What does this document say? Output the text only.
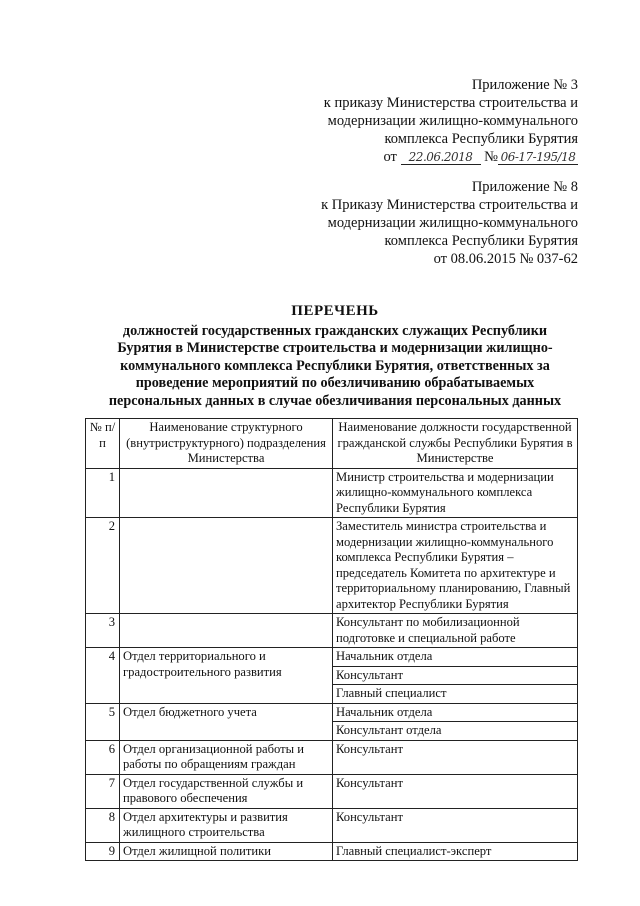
Приложение № 3
к приказу Министерства строительства и
модернизации жилищно-коммунального
комплекса Республики Бурятия
от 22.06.2018 № 06-17-195/18
Приложение № 8
к Приказу Министерства строительства и
модернизации жилищно-коммунального
комплекса Республики Бурятия
от 08.06.2015 № 037-62
ПЕРЕЧЕНЬ
должностей государственных гражданских служащих Республики
Бурятия в Министерстве строительства и модернизации жилищно-
коммунального комплекса Республики Бурятия, ответственных за
проведение мероприятий по обезличиванию обрабатываемых
персональных данных в случае обезличивания персональных данных
№ п/п	Наименование структурного (внутриструктурного) подразделения Министерства	Наименование должности государственной гражданской службы Республики Бурятия в Министерстве
1		Министр строительства и модернизации жилищно-коммунального комплекса Республики Бурятия
2		Заместитель министра строительства и модернизации жилищно-коммунального комплекса Республики Бурятия – председатель Комитета по архитектуре и территориальному планированию, Главный архитектор Республики Бурятия
3		Консультант по мобилизационной подготовке и специальной работе
4	Отдел территориального и градостроительного развития	Начальник отдела
		Консультант
		Главный специалист
5	Отдел бюджетного учета	Начальник отдела
		Консультант отдела
6	Отдел организационной работы и работы по обращениям граждан	Консультант
7	Отдел государственной службы и правового обеспечения	Консультант
8	Отдел архитектуры и развития жилищного строительства	Консультант
9	Отдел жилищной политики	Главный специалист-эксперт
